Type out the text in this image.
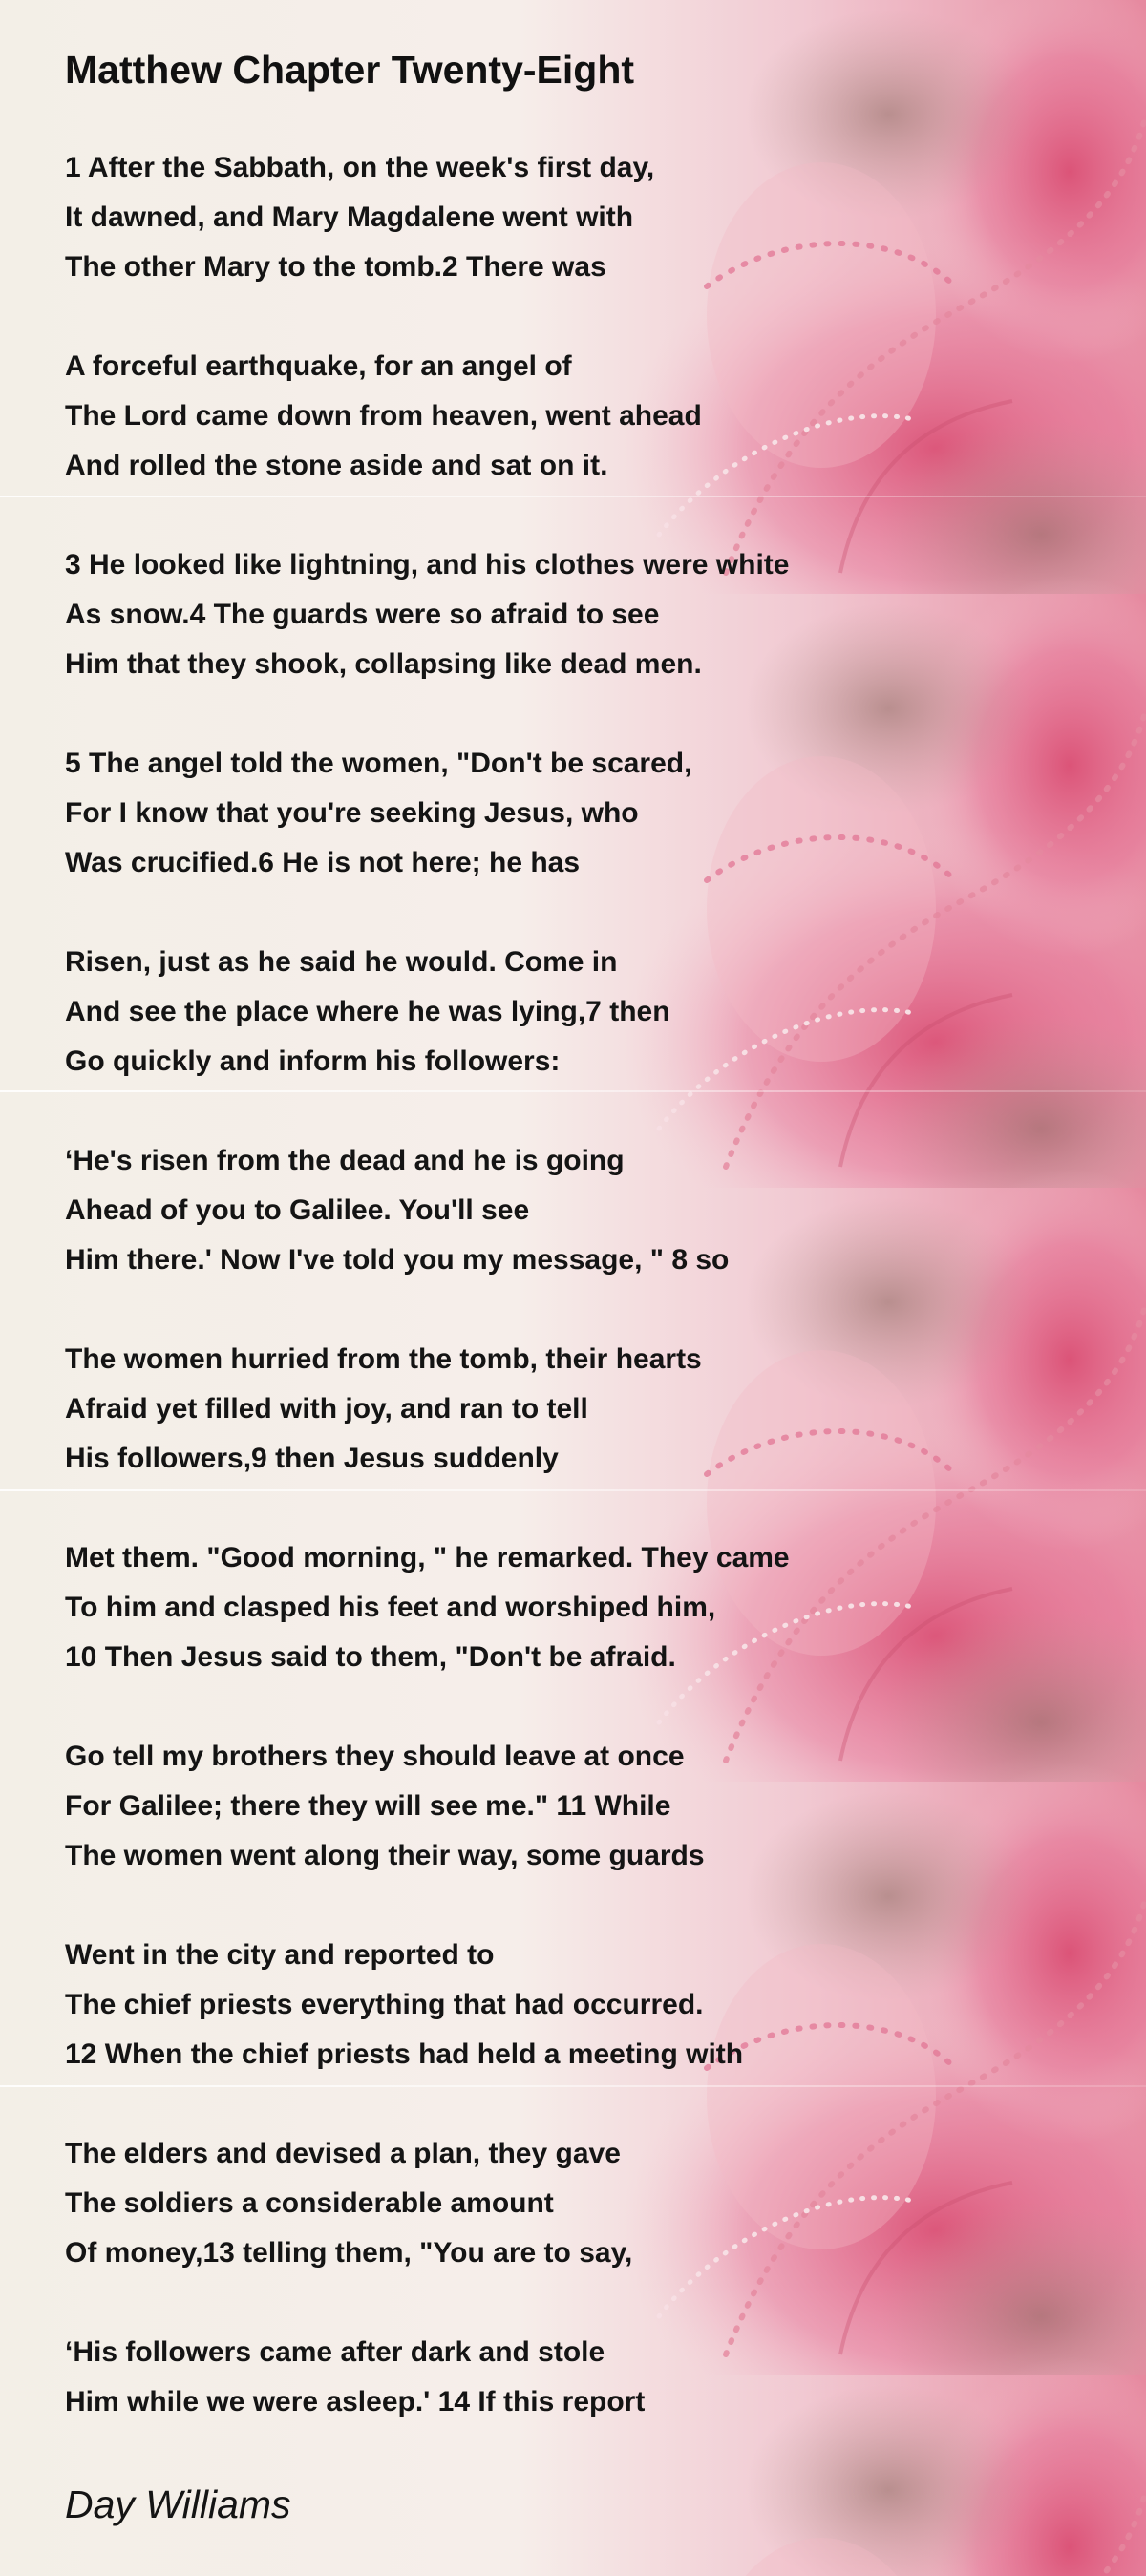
Matthew Chapter Twenty-Eight
1 After the Sabbath, on the week's first day,
It dawned, and Mary Magdalene went with
The other Mary to the tomb.2 There was
A forceful earthquake, for an angel of
The Lord came down from heaven, went ahead
And rolled the stone aside and sat on it.
3 He looked like lightning, and his clothes were white
As snow.4 The guards were so afraid to see
Him that they shook, collapsing like dead men.
5 The angel told the women, "Don't be scared,
For I know that you're seeking Jesus, who
Was crucified.6 He is not here; he has
Risen, just as he said he would. Come in
And see the place where he was lying,7 then
Go quickly and inform his followers:
‘He's risen from the dead and he is going
Ahead of you to Galilee. You'll see
Him there.' Now I've told you my message, " 8 so
The women hurried from the tomb, their hearts
Afraid yet filled with joy, and ran to tell
His followers,9 then Jesus suddenly
Met them. "Good morning, " he remarked. They came
To him and clasped his feet and worshiped him,
10 Then Jesus said to them, "Don't be afraid.
Go tell my brothers they should leave at once
For Galilee; there they will see me." 11 While
The women went along their way, some guards
Went in the city and reported to
The chief priests everything that had occurred.
12 When the chief priests had held a meeting with
The elders and devised a plan, they gave
The soldiers a considerable amount
Of money,13 telling them, "You are to say,
‘His followers came after dark and stole
Him while we were asleep.' 14 If this report

Day Williams
